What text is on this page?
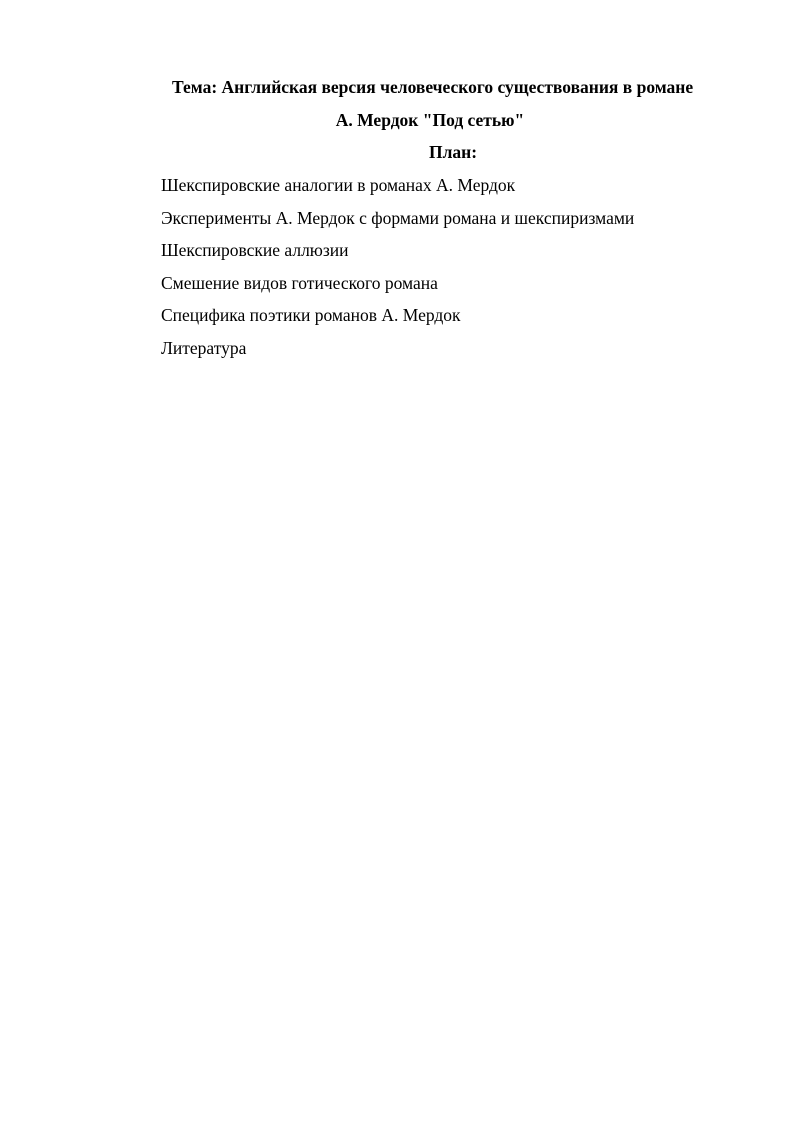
Тема: Английская версия человеческого существования в романе
А. Мердок "Под сетью"
План:
Шекспировские аналогии в романах А. Мердок
Эксперименты А. Мердок с формами романа и шекспиризмами
Шекспировские аллюзии
Смешение видов готического романа
Специфика поэтики романов А. Мердок
Литература
